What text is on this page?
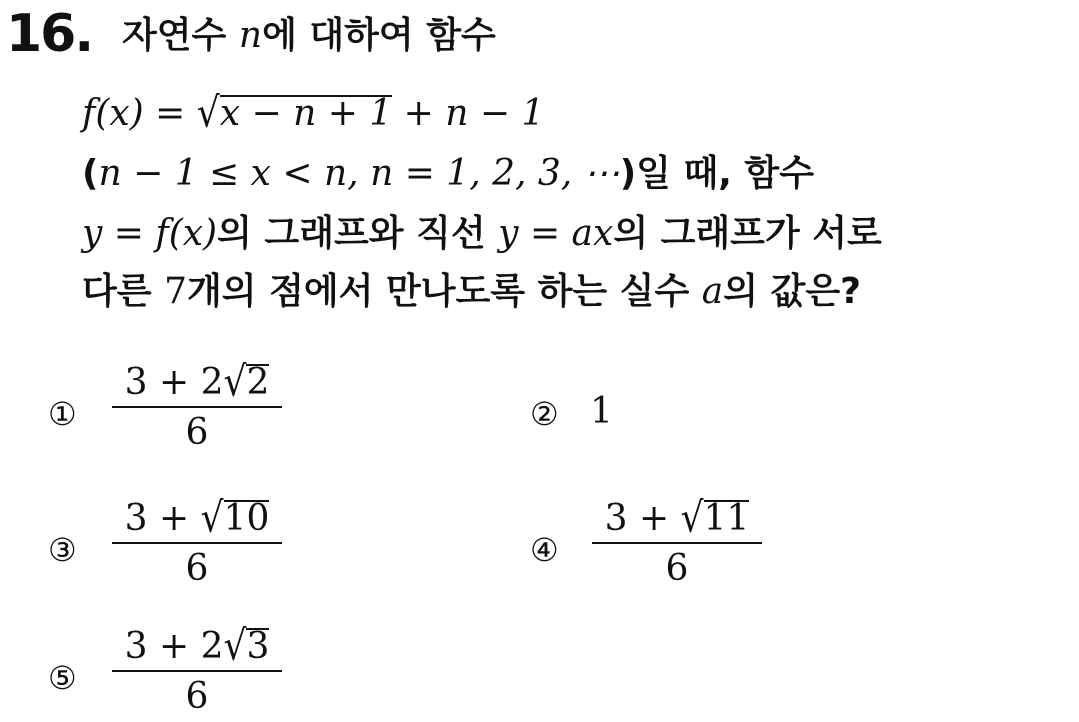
16. 자연수 n에 대하여 함수
f(x) = √x − n + 1 + n − 1
(n − 1 ≤ x < n, n = 1, 2, 3, ⋯)일 때, 함수
y = f(x)의 그래프와 직선 y = ax의 그래프가 서로
다른 7개의 점에서 만나도록 하는 실수 a의 값은?
①
3 + 2√2
6	② 1
③
3 + √10
6	④
3 + √11
6
⑤
3 + 2√3
6
